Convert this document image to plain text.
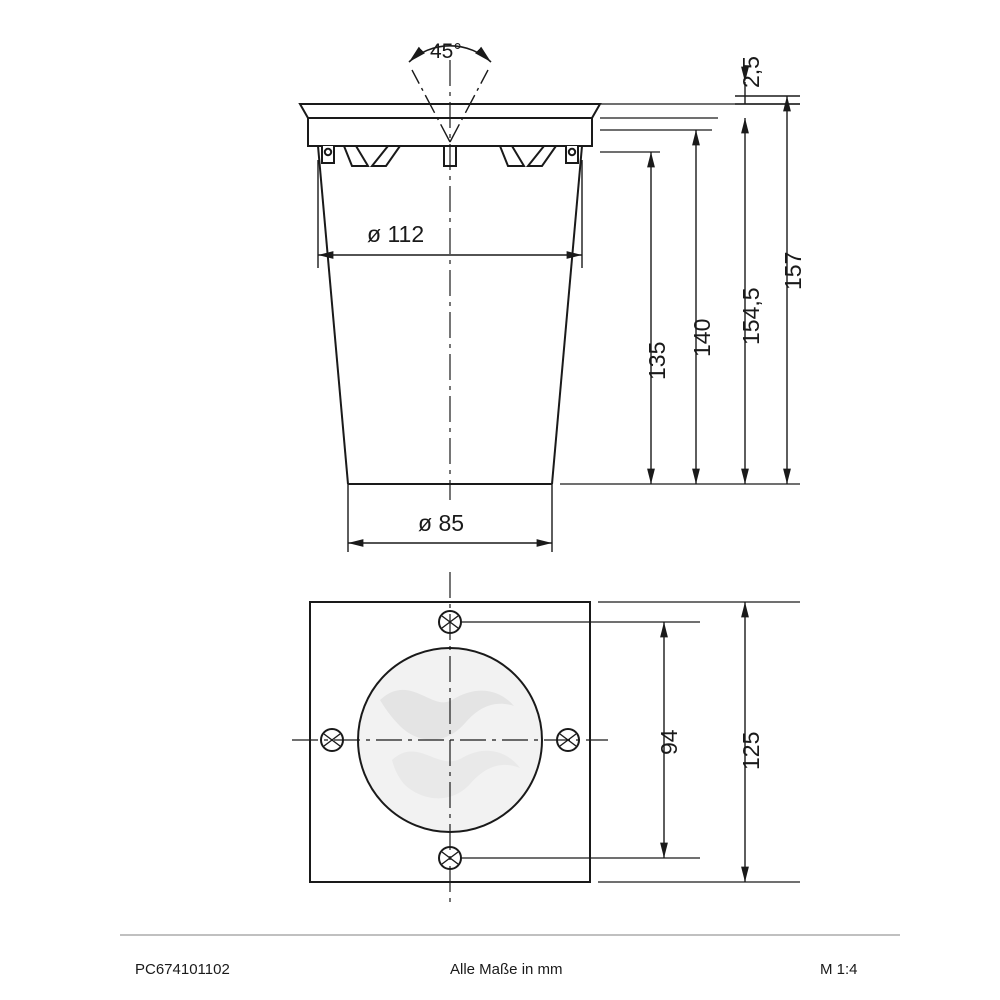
45°
ø 112
ø 85
135
140 154,5
157
2,5
94 125
PC674101102	Alle Maße in mm	M 1:4
